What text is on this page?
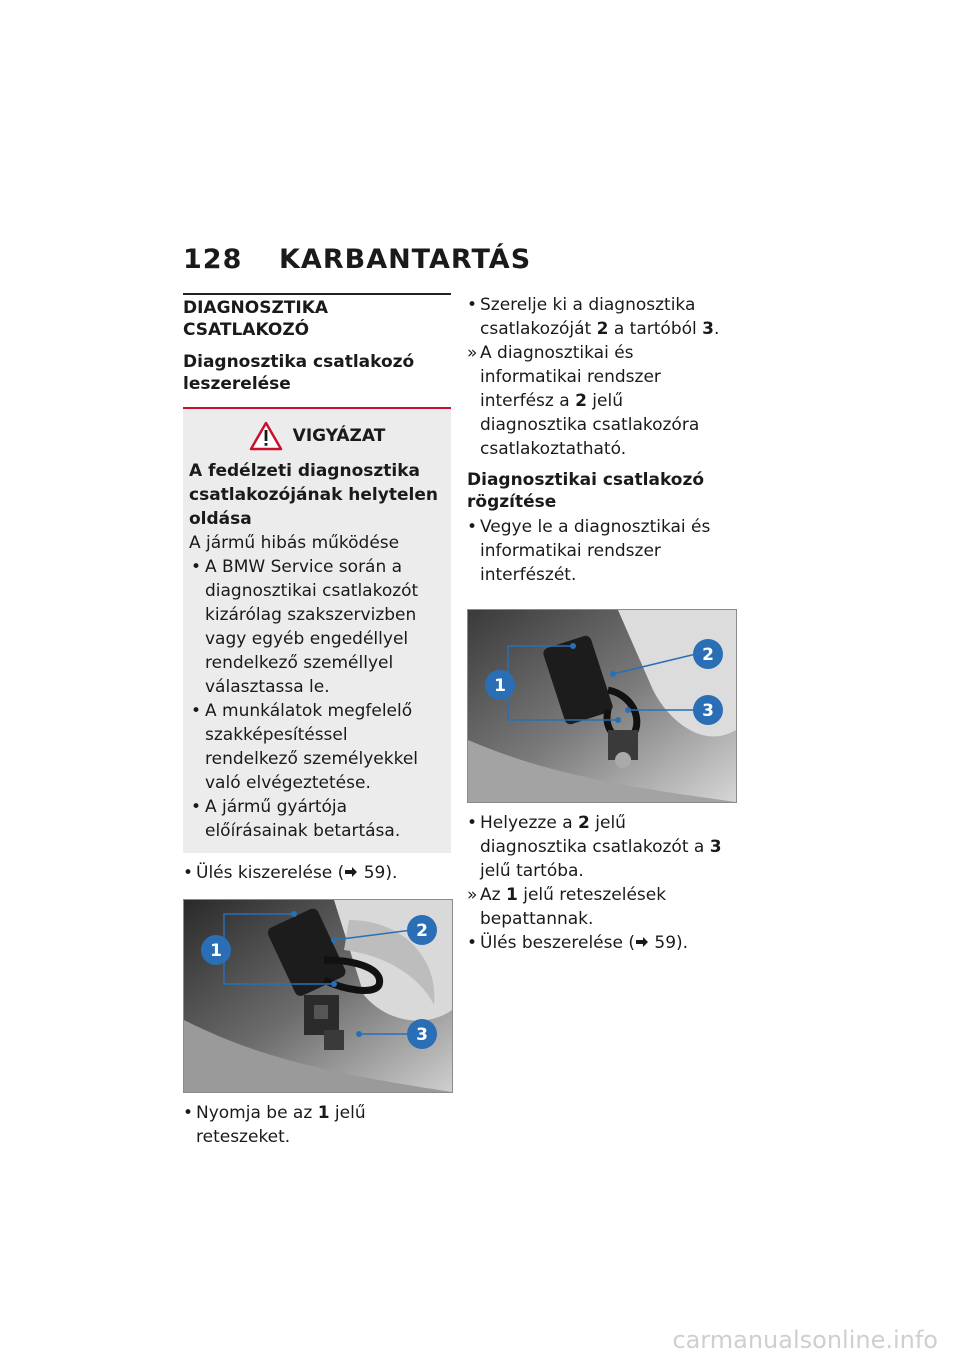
128 KARBANTARTÁS
DIAGNOSZTIKA
CSATLAKOZÓ
Diagnosztika csatlakozó
leszerelése
VIGYÁZAT
A fedélzeti diagnosztika
csatlakozójának helytelen
oldása
A jármű hibás működése
• A BMW Service során a diagnosztikai csatlakozót kizárólag szakszervizben vagy egyéb engedéllyel rendelkező személlyel választassa le.
• A munkálatok megfelelő szakképesítéssel rendelkező személyekkel való elvégeztetése.
• A jármű gyártója előírásainak betartása.
• Ülés kiszerelése ( 59).
1
2
3
• Nyomja be az 1 jelű reteszeket.
• Szerelje ki a diagnosztika csatlakozóját 2 a tartóból 3.
» A diagnosztikai és informatikai rendszer interfész a 2 jelű diagnosztika csatlakozóra csatlakoztatható.
Diagnosztikai csatlakozó
rögzítése
• Vegye le a diagnosztikai és informatikai rendszer interfészét.
1
2
3
• Helyezze a 2 jelű diagnosztika csatlakozót a 3 jelű tartóba.
» Az 1 jelű reteszelések bepattannak.
• Ülés beszerelése ( 59).
carmanualsonline.info
